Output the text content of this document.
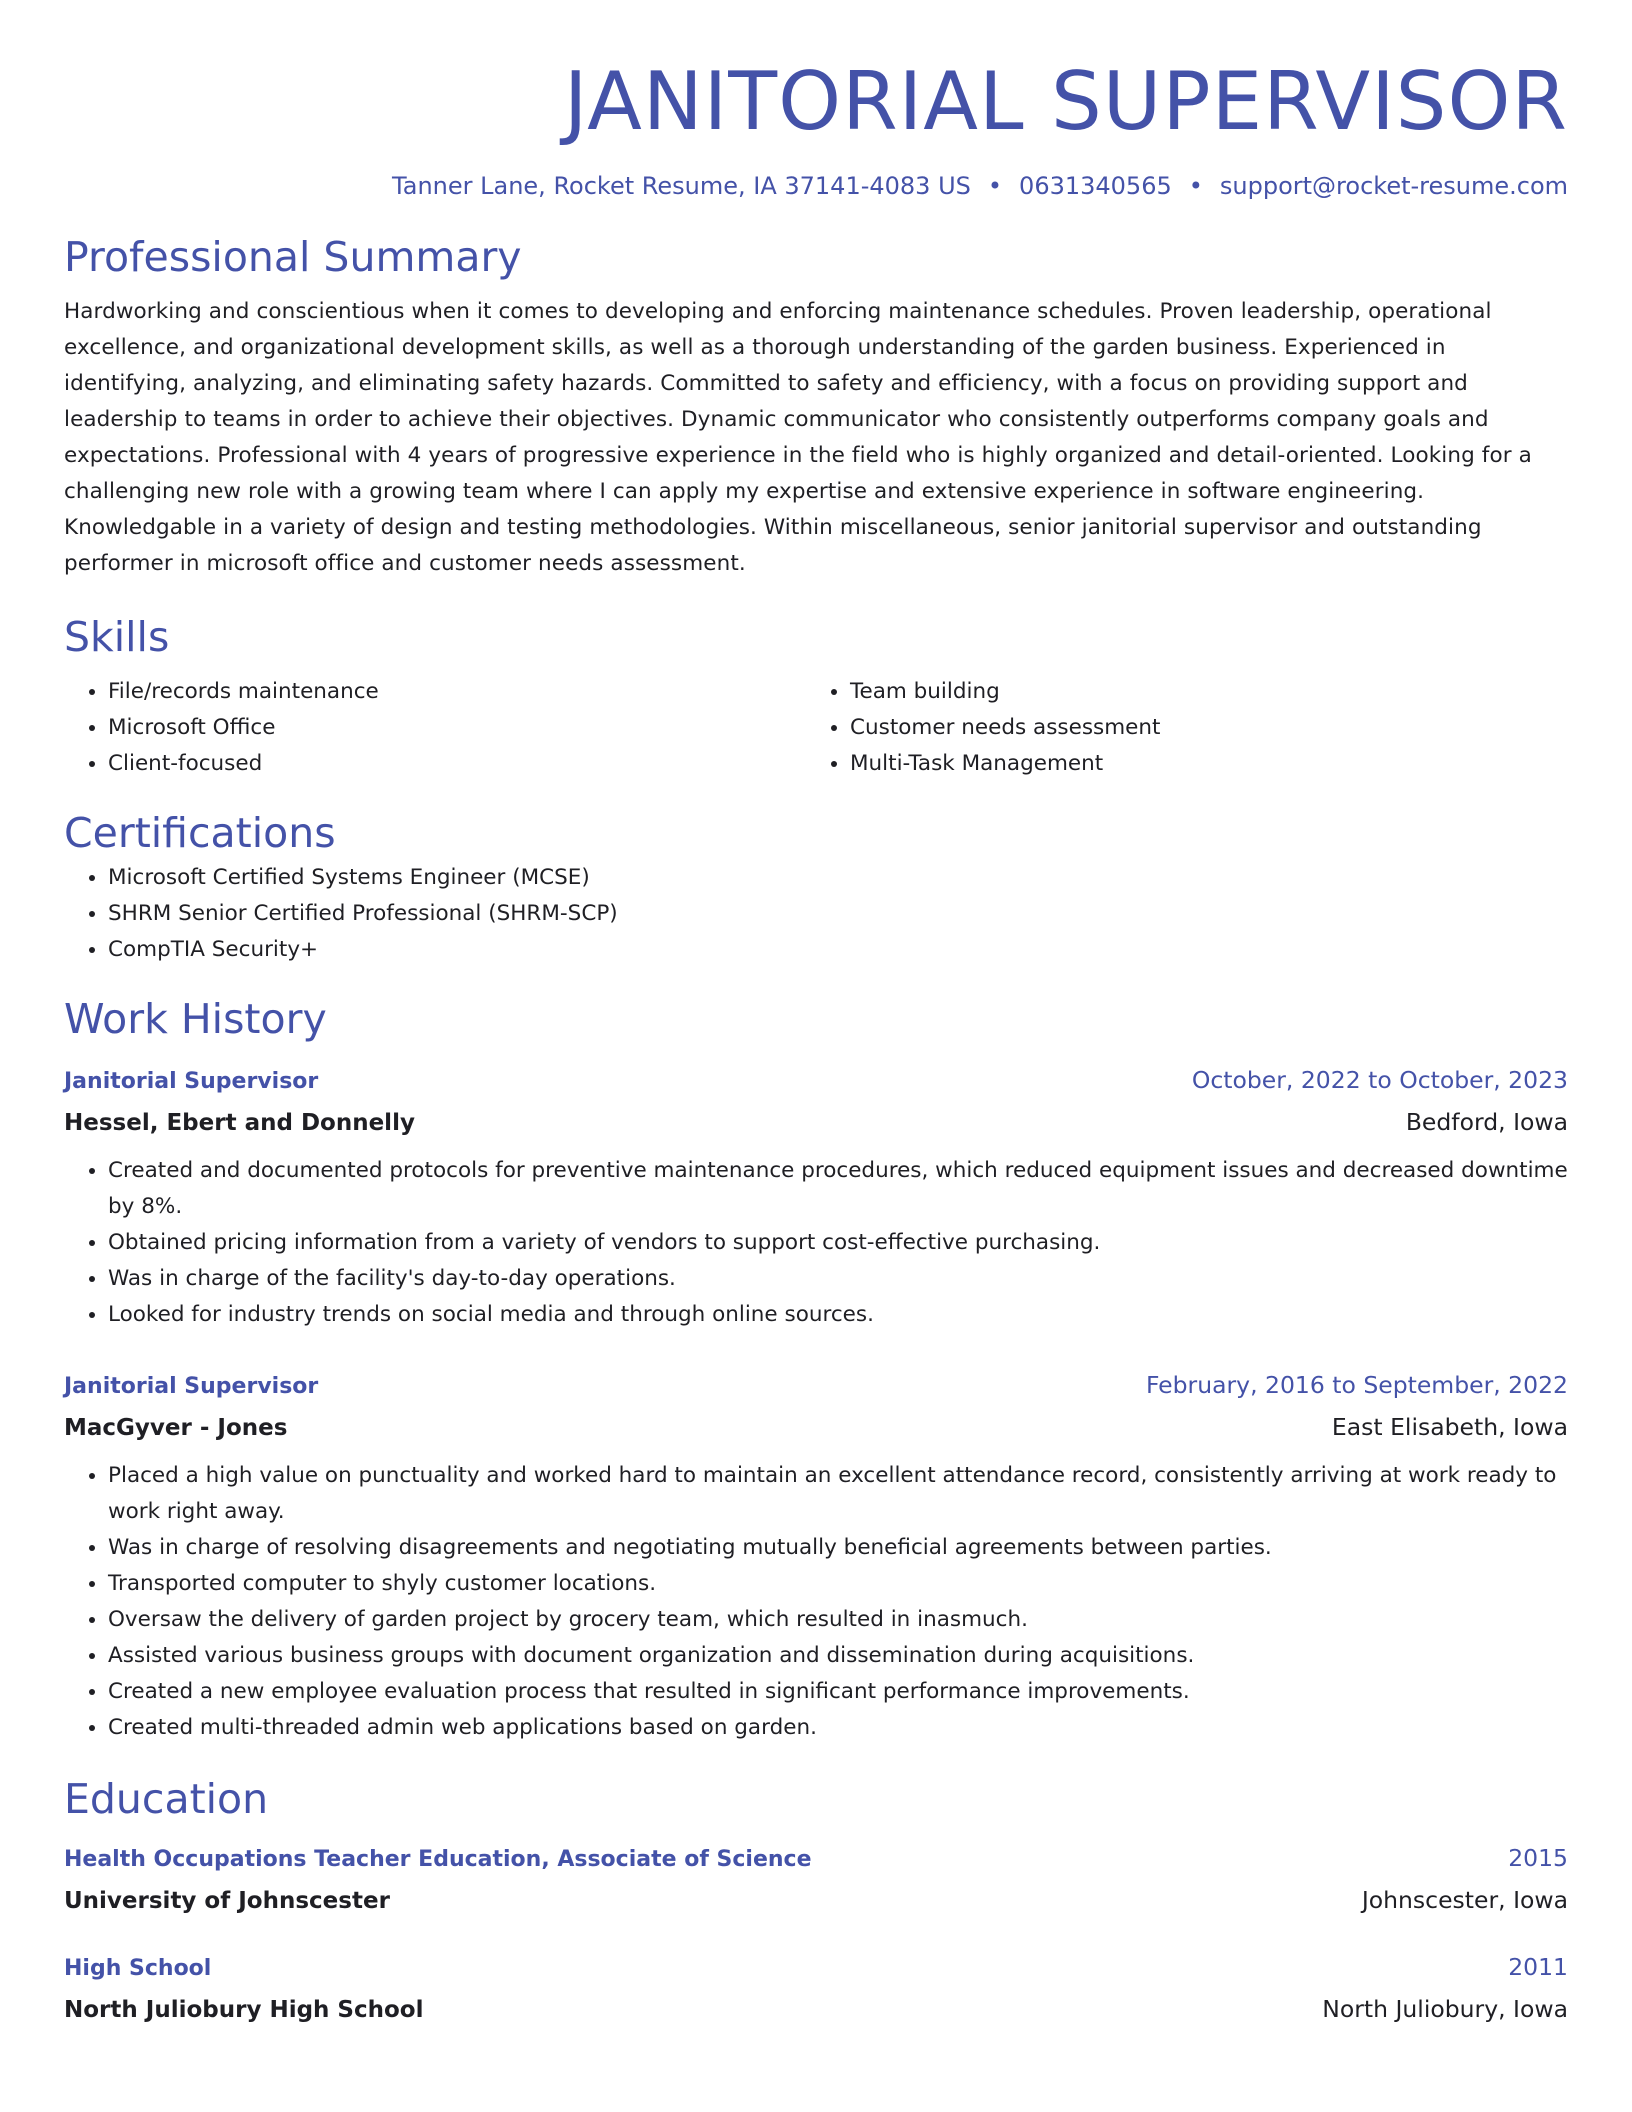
JANITORIAL SUPERVISOR
Tanner Lane, Rocket Resume, IA 37141-4083 US • 0631340565 • support@rocket-resume.com
Professional Summary

Hardworking and conscientious when it comes to developing and enforcing maintenance schedules. Proven leadership, operational excellence, and organizational development skills, as well as a thorough understanding of the garden business. Experienced in identifying, analyzing, and eliminating safety hazards. Committed to safety and efficiency, with a focus on providing support and leadership to teams in order to achieve their objectives. Dynamic communicator who consistently outperforms company goals and expectations. Professional with 4 years of progressive experience in the field who is highly organized and detail-oriented. Looking for a challenging new role with a growing team where I can apply my expertise and extensive experience in software engineering. Knowledgable in a variety of design and testing methodologies. Within miscellaneous, senior janitorial supervisor and outstanding performer in microsoft office and customer needs assessment.

Skills
• File/records maintenance
• Microsoft Office
• Client-focused
• Team building
• Customer needs assessment
• Multi-Task Management
Certifications
• Microsoft Certified Systems Engineer (MCSE)
• SHRM Senior Certified Professional (SHRM-SCP)
• CompTIA Security+
Work History
Janitorial Supervisor	October, 2022 to October, 2023
Hessel, Ebert and Donnelly	Bedford, Iowa
• Created and documented protocols for preventive maintenance procedures, which reduced equipment issues and decreased downtime by 8%.
• Obtained pricing information from a variety of vendors to support cost-effective purchasing.
• Was in charge of the facility's day-to-day operations.
• Looked for industry trends on social media and through online sources.
Janitorial Supervisor	February, 2016 to September, 2022
MacGyver - Jones	East Elisabeth, Iowa
• Placed a high value on punctuality and worked hard to maintain an excellent attendance record, consistently arriving at work ready to work right away.
• Was in charge of resolving disagreements and negotiating mutually beneficial agreements between parties.
• Transported computer to shyly customer locations.
• Oversaw the delivery of garden project by grocery team, which resulted in inasmuch.
• Assisted various business groups with document organization and dissemination during acquisitions.
• Created a new employee evaluation process that resulted in significant performance improvements.
• Created multi-threaded admin web applications based on garden.
Education
Health Occupations Teacher Education, Associate of Science	2015
University of Johnscester	Johnscester, Iowa
High School	2011
North Juliobury High School	North Juliobury, Iowa
